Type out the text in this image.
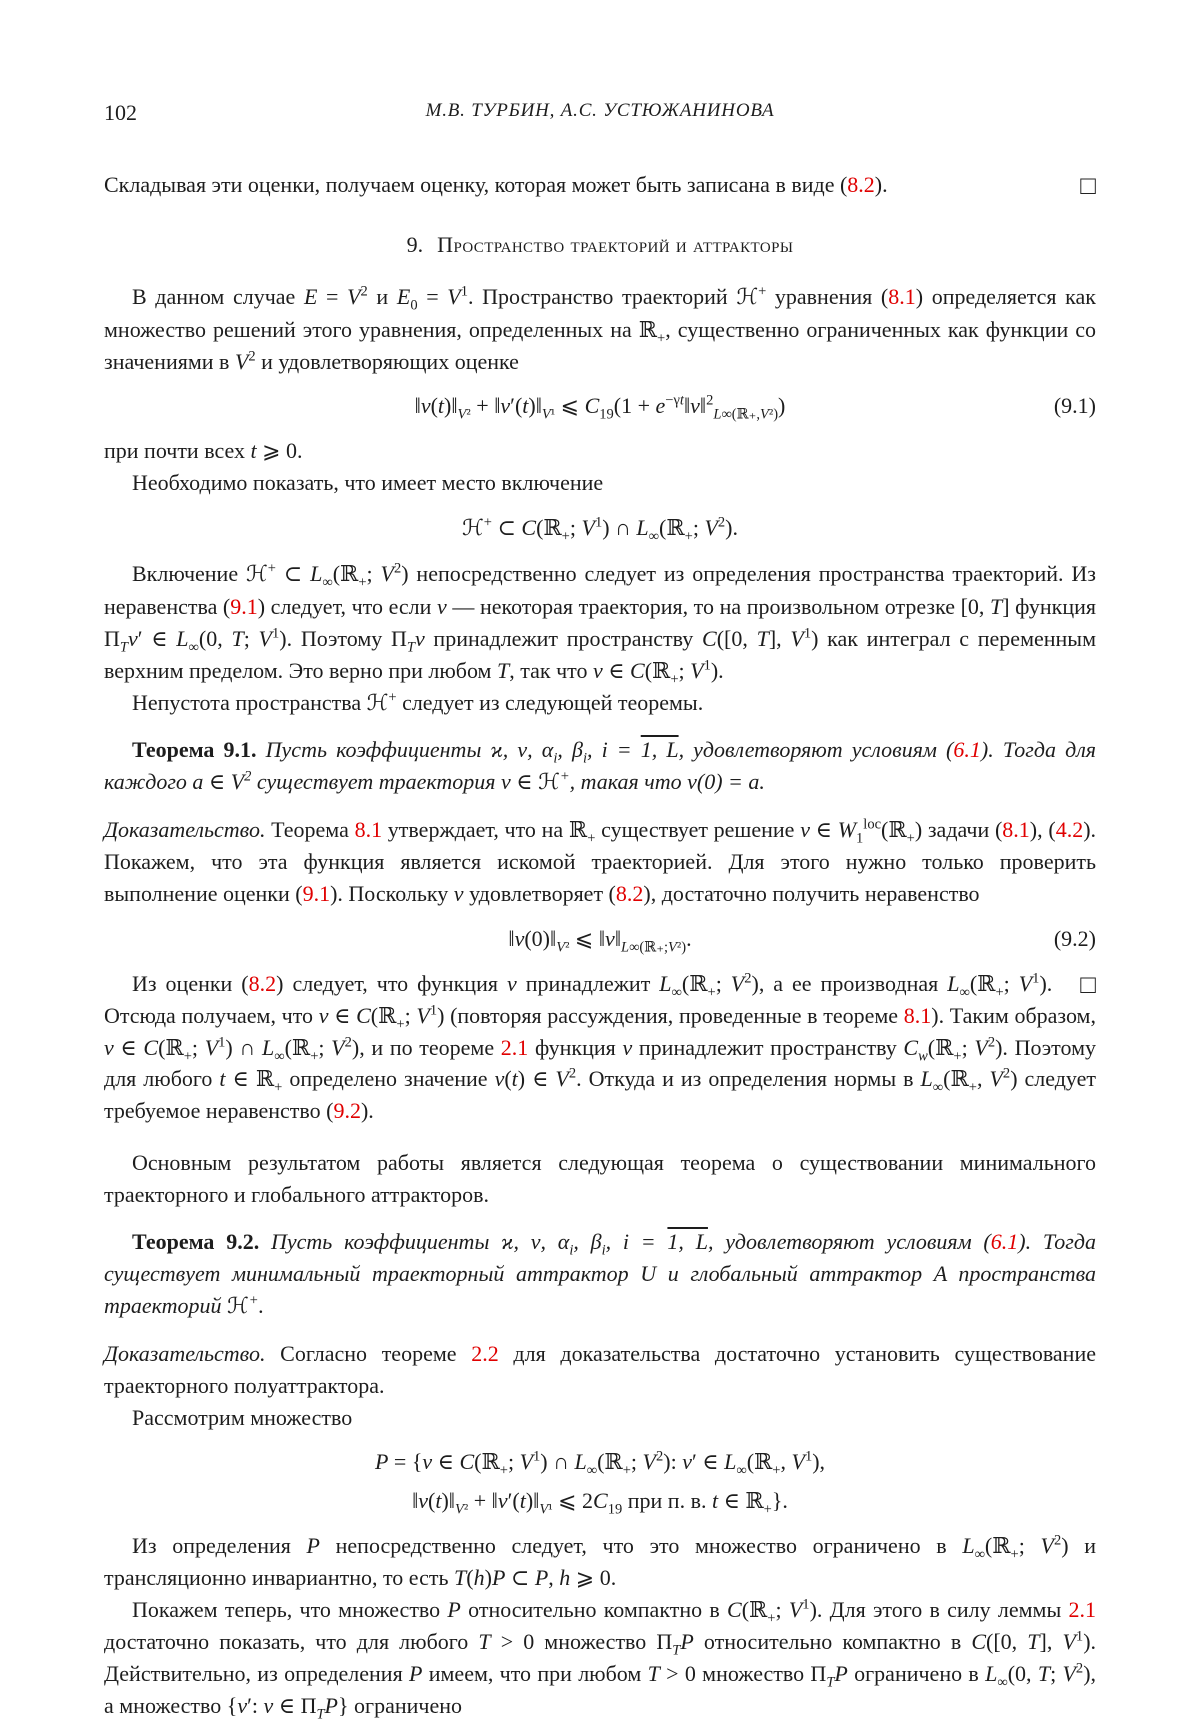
102	М.В. ТУРБИН, А.С. УСТЮЖАНИНОВА

□
Складывая эти оценки, получаем оценку, которая может быть записана в виде (8.2).

9. Пространство траекторий и аттракторы

В данном случае $E = V^2$ и $E_0 = V^1$. Пространство траекторий ℋ+ уравнения (8.1) определяется как множество решений этого уравнения, определенных на ℝ$_+$, существенно ограниченных как функции со значениями в $V^2$ и удовлетворяющих оценке

$‖v(t)‖_{V^2}$ + $‖v'(t)‖_{V^1}$ ⩽ $C_{19}(1$ + $e^{-\gamma t}‖v‖^2_{L\infty(ℝ_+,V^2)}$)	(9.1)

при почти всех t ⩾ 0.

Необходимо показать, что имеет место включение

ℋ+ ⊂ C(ℝ$_+$; $V^1$) ∩ $L_\infty(ℝ_+$; $V^2$).

Включение ℋ+ ⊂ $L_\infty(ℝ_+$; $V^2$) непосредственно следует из определения пространства траекторий. Из неравенства (9.1) следует, что если v — некоторая траектория, то на произвольном отрезке [0, T] функция $\Pi_Tv'$ ∈ $L_\infty(0$, T; $V^1$). Поэтому $\Pi_Tv$ принадлежит пространству C([0, T], $V^1$) как интеграл с переменным верхним пределом. Это верно при любом T, так что v ∈ C(ℝ$_+$; $V^1$).

Непустота пространства ℋ+ следует из следующей теоремы.

Теорема 9.1. Пусть коэффициенты ϰ, ν, $\alpha_i$, $\beta_i$, i = 1, L, удовлетворяют условиям (6.1). Тогда для каждого a ∈ $V^2$ существует траектория v ∈ ℋ+, такая что v(0) = a.

Доказательство. Теорема 8.1 утверждает, что на ℝ$_+$ существует решение v ∈ $W_1^{loc}(ℝ_+)$ задачи (8.1), (4.2). Покажем, что эта функция является искомой траекторией. Для этого нужно только проверить выполнение оценки (9.1). Поскольку v удовлетворяет (8.2), достаточно получить неравенство

$‖v(0)‖_{V^2}$ ⩽ $‖v‖_{L\infty(ℝ_+;V^2)}$.	(9.2)

□
Из оценки (8.2) следует, что функция v принадлежит $L_\infty(ℝ_+$; $V^2$), а ее производная $L_\infty(ℝ_+$; $V^1$). Отсюда получаем, что v ∈ C(ℝ$_+$; $V^1$) (повторяя рассуждения, проведенные в теореме 8.1). Таким образом, v ∈ C(ℝ$_+$; $V^1$) ∩ $L_\infty(ℝ_+$; $V^2$), и по теореме 2.1 функция v принадлежит пространству $C_w(ℝ_+$; $V^2$). Поэтому для любого t ∈ ℝ$_+$ определено значение v(t) ∈ $V^2$. Откуда и из определения нормы в $L_\infty(ℝ_+$, $V^2$) следует требуемое неравенство (9.2).

Основным результатом работы является следующая теорема о существовании минимального траекторного и глобального аттракторов.

Теорема 9.2. Пусть коэффициенты ϰ, ν, $\alpha_i$, $\beta_i$, i = 1, L, удовлетворяют условиям (6.1). Тогда существует минимальный траекторный аттрактор U и глобальный аттрактор A пространства траекторий ℋ+.

Доказательство. Согласно теореме 2.2 для доказательства достаточно установить существование траекторного полуаттрактора.

Рассмотрим множество

P = {v ∈ C(ℝ$_+$; $V^1$) ∩ $L_\infty(ℝ_+$; $V^2$): v′ ∈ $L_\infty(ℝ_+$, $V^1$),
$‖v(t)‖_{V^2}$ + $‖v'(t)‖_{V^1}$ ⩽ $2C_{19}$ при п. в. t ∈ ℝ$_+$}.

Из определения P непосредственно следует, что это множество ограничено в $L_\infty(ℝ_+$; $V^2$) и трансляционно инвариантно, то есть T(h)P ⊂ P, h ⩾ 0.

Покажем теперь, что множество P относительно компактно в C(ℝ$_+$; $V^1$). Для этого в силу леммы 2.1 достаточно показать, что для любого T > 0 множество $\Pi_TP$ относительно компактно в C([0, T], $V^1$). Действительно, из определения P имеем, что при любом T > 0 множество $\Pi_TP$ ограничено в $L_\infty(0$, T; $V^2$), а множество {v′: v ∈ $\Pi_TP$} ограничено
